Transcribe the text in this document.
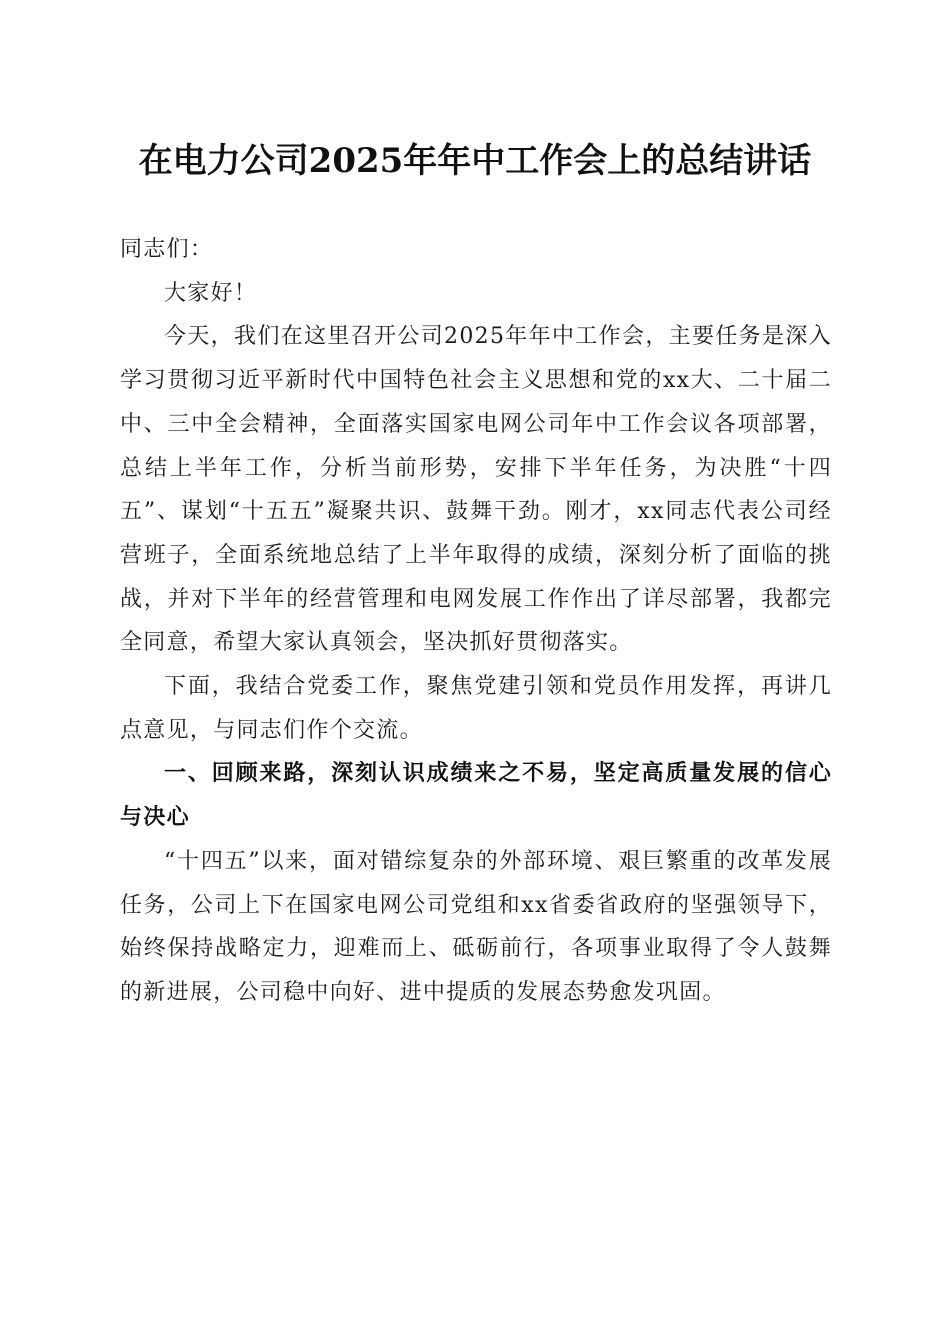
在电力公司2025年年中工作会上的总结讲话

同志们：

大家好！

今天，我们在这里召开公司2025年年中工作会，主要任务是深入学习贯彻习近平新时代中国特色社会主义思想和党的xx大、二十届二中、三中全会精神，全面落实国家电网公司年中工作会议各项部署，总结上半年工作，分析当前形势，安排下半年任务，为决胜“十四五”、谋划“十五五”凝聚共识、鼓舞干劲。刚才，xx同志代表公司经营班子，全面系统地总结了上半年取得的成绩，深刻分析了面临的挑战，并对下半年的经营管理和电网发展工作作出了详尽部署，我都完全同意，希望大家认真领会，坚决抓好贯彻落实。

下面，我结合党委工作，聚焦党建引领和党员作用发挥，再讲几点意见，与同志们作个交流。

一、回顾来路，深刻认识成绩来之不易，坚定高质量发展的信心与决心

“十四五”以来，面对错综复杂的外部环境、艰巨繁重的改革发展任务，公司上下在国家电网公司党组和xx省委省政府的坚强领导下，始终保持战略定力，迎难而上、砥砺前行，各项事业取得了令人鼓舞的新进展，公司稳中向好、进中提质的发展态势愈发巩固。
